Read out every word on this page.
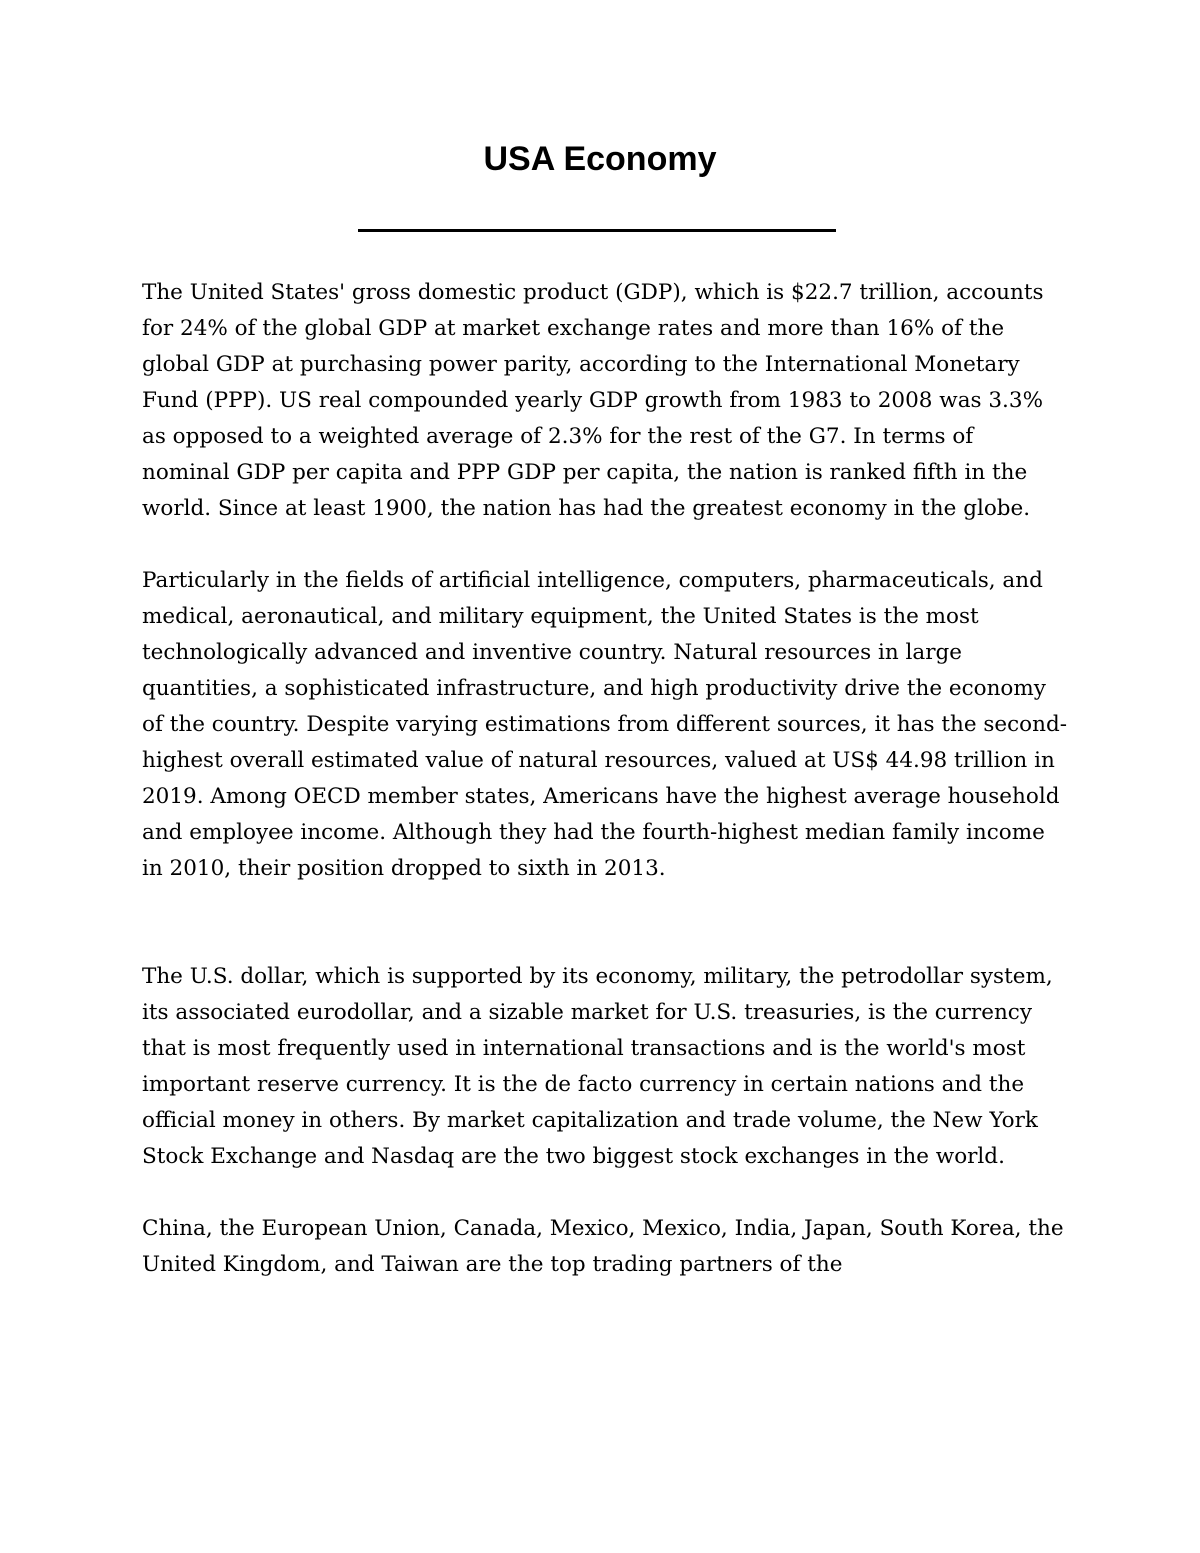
USA Economy

The United States' gross domestic product (GDP), which is $22.7 trillion, accounts for 24% of the global GDP at market exchange rates and more than 16% of the global GDP at purchasing power parity, according to the International Monetary Fund (PPP). US real compounded yearly GDP growth from 1983 to 2008 was 3.3% as opposed to a weighted average of 2.3% for the rest of the G7. In terms of nominal GDP per capita and PPP GDP per capita, the nation is ranked fifth in the world. Since at least 1900, the nation has had the greatest economy in the globe.

Particularly in the fields of artificial intelligence, computers, pharmaceuticals, and medical, aeronautical, and military equipment, the United States is the most technologically advanced and inventive country. Natural resources in large quantities, a sophisticated infrastructure, and high productivity drive the economy of the country. Despite varying estimations from different sources, it has the second-highest overall estimated value of natural resources, valued at US$ 44.98 trillion in 2019. Among OECD member states, Americans have the highest average household and employee income. Although they had the fourth-highest median family income in 2010, their position dropped to sixth in 2013.

The U.S. dollar, which is supported by its economy, military, the petrodollar system, its associated eurodollar, and a sizable market for U.S. treasuries, is the currency that is most frequently used in international transactions and is the world's most important reserve currency. It is the de facto currency in certain nations and the official money in others. By market capitalization and trade volume, the New York Stock Exchange and Nasdaq are the two biggest stock exchanges in the world.

China, the European Union, Canada, Mexico, Mexico, India, Japan, South Korea, the United Kingdom, and Taiwan are the top trading partners of the
